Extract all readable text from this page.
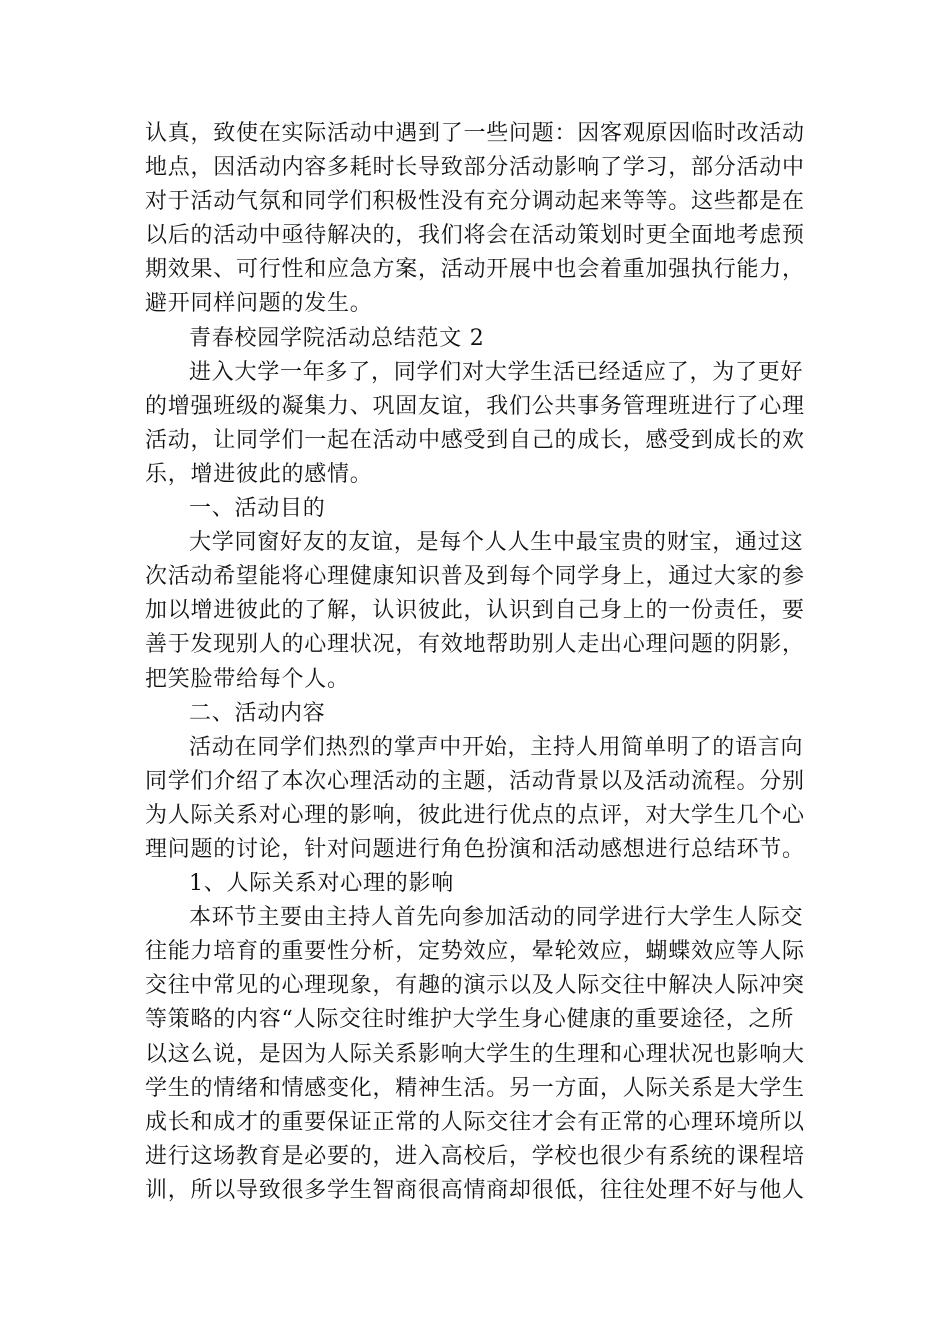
认真，致使在实际活动中遇到了一些问题：因客观原因临时改活动
地点，因活动内容多耗时长导致部分活动影响了学习，部分活动中
对于活动气氛和同学们积极性没有充分调动起来等等。这些都是在
以后的活动中亟待解决的，我们将会在活动策划时更全面地考虑预
期效果、可行性和应急方案，活动开展中也会着重加强执行能力，
避开同样问题的发生。
青春校园学院活动总结范文 2
进入大学一年多了，同学们对大学生活已经适应了，为了更好
的增强班级的凝集力、巩固友谊，我们公共事务管理班进行了心理
活动，让同学们一起在活动中感受到自己的成长，感受到成长的欢
乐，增进彼此的感情。
一、活动目的
大学同窗好友的友谊，是每个人人生中最宝贵的财宝，通过这
次活动希望能将心理健康知识普及到每个同学身上，通过大家的参
加以增进彼此的了解，认识彼此，认识到自己身上的一份责任，要
善于发现别人的心理状况，有效地帮助别人走出心理问题的阴影，
把笑脸带给每个人。
二、活动内容
活动在同学们热烈的掌声中开始，主持人用简单明了的语言向
同学们介绍了本次心理活动的主题，活动背景以及活动流程。分别
为人际关系对心理的影响，彼此进行优点的点评，对大学生几个心
理问题的讨论，针对问题进行角色扮演和活动感想进行总结环节。
1、人际关系对心理的影响
本环节主要由主持人首先向参加活动的同学进行大学生人际交
往能力培育的重要性分析，定势效应，晕轮效应，蝴蝶效应等人际
交往中常见的心理现象，有趣的演示以及人际交往中解决人际冲突
等策略的内容“人际交往时维护大学生身心健康的重要途径，之所
以这么说，是因为人际关系影响大学生的生理和心理状况也影响大
学生的情绪和情感变化，精神生活。另一方面，人际关系是大学生
成长和成才的重要保证正常的人际交往才会有正常的心理环境所以
进行这场教育是必要的，进入高校后，学校也很少有系统的课程培
训，所以导致很多学生智商很高情商却很低，往往处理不好与他人
